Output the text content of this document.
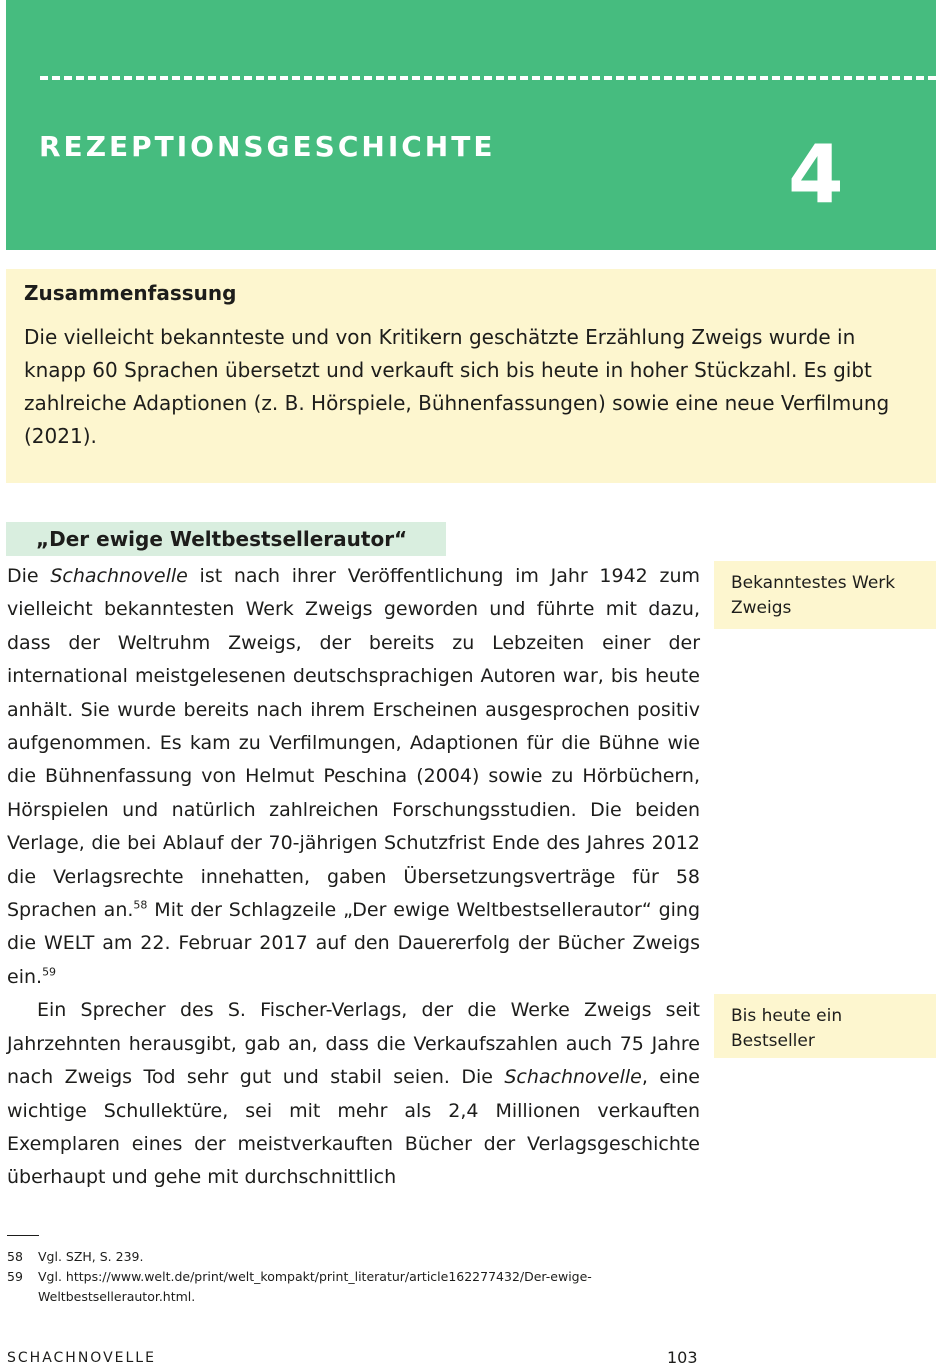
REZEPTIONSGESCHICHTE	4

Zusammenfassung

Die vielleicht bekannteste und von Kritikern geschätzte Erzählung Zweigs wurde in knapp 60 Sprachen übersetzt und verkauft sich bis heute in hoher Stückzahl. Es gibt zahlreiche Adaptionen (z. B. Hörspiele, Bühnenfassungen) sowie eine neue Verfilmung (2021).

„Der ewige Weltbestsellerautor“

Die Schachnovelle ist nach ihrer Veröffentlichung im Jahr 1942 zum vielleicht bekanntesten Werk Zweigs geworden und führte mit dazu, dass der Weltruhm Zweigs, der bereits zu Lebzeiten einer der international meistgelesenen deutschsprachigen Autoren war, bis heute anhält. Sie wurde bereits nach ihrem Erscheinen ausgesprochen positiv aufgenommen. Es kam zu Verfilmungen, Adaptionen für die Bühne wie die Bühnenfassung von Helmut Peschina (2004) sowie zu Hörbüchern, Hörspielen und natürlich zahlreichen Forschungsstudien. Die beiden Verlage, die bei Ablauf der 70-jährigen Schutzfrist Ende des Jahres 2012 die Verlagsrechte innehatten, gaben Übersetzungsverträge für 58 Sprachen an.$^{58}$ Mit der Schlagzeile „Der ewige Weltbestsellerautor“ ging die WELT am 22. Februar 2017 auf den Dauererfolg der Bücher Zweigs ein.$^{59}$

Ein Sprecher des S. Fischer-Verlags, der die Werke Zweigs seit Jahrzehnten herausgibt, gab an, dass die Verkaufszahlen auch 75 Jahre nach Zweigs Tod sehr gut und stabil seien. Die Schachnovelle, eine wichtige Schullektüre, sei mit mehr als 2,4 Millionen verkauften Exemplaren eines der meistverkauften Bücher der Verlagsgeschichte überhaupt und gehe mit durchschnittlich

Bekanntestes Werk Zweigs
Bis heute ein Bestseller
58	Vgl. SZH, S. 239.
59	Vgl. https://www.welt.de/print/welt_kompakt/print_literatur/article162277432/Der-ewige-Weltbestsellerautor.html.
SCHACHNOVELLE	103
